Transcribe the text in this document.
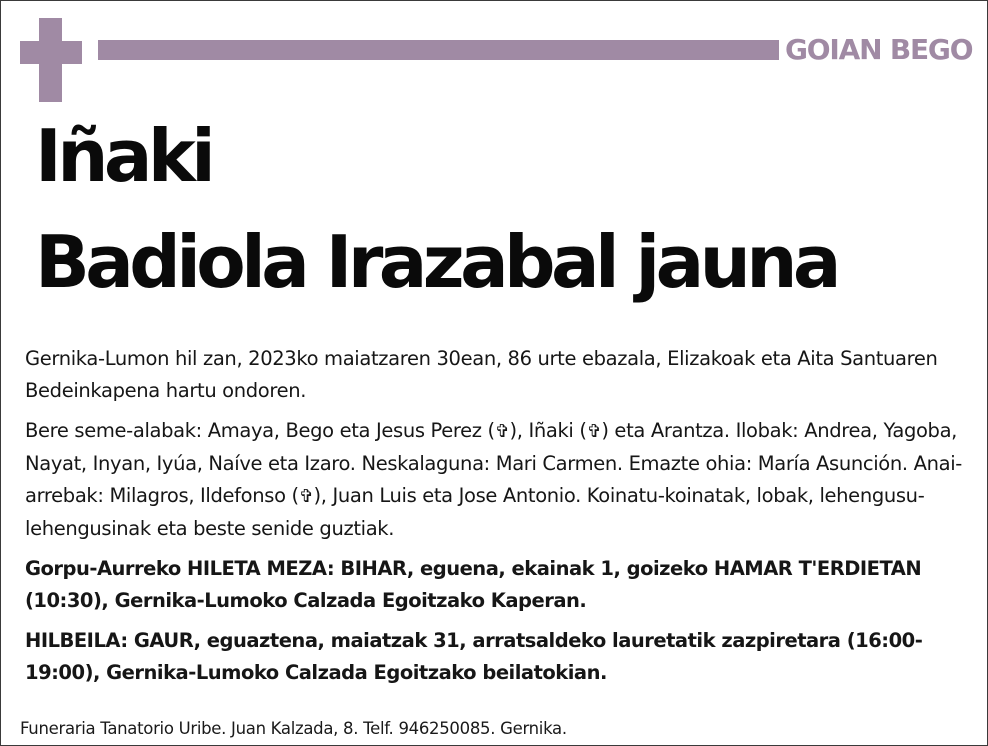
GOIAN BEGO
Iñaki
Badiola Irazabal jauna

Gernika-Lumon hil zan, 2023ko maiatzaren 30ean, 86 urte ebazala, Elizakoak eta Aita Santuaren Bedeinkapena hartu ondoren.

Bere seme-alabak: Amaya, Bego eta Jesus Perez (✞), Iñaki (✞) eta Arantza. Ilobak: Andrea, Yagoba, Nayat, Inyan, Iyúa, Naíve eta Izaro. Neskalaguna: Mari Carmen. Emazte ohia: María Asunción. Anai-arrebak: Milagros, Ildefonso (✞), Juan Luis eta Jose Antonio. Koinatu-koinatak, lobak, lehengusu-lehengusinak eta beste senide guztiak.

Gorpu-Aurreko HILETA MEZA: BIHAR, eguena, ekainak 1, goizeko HAMAR T'ERDIETAN (10:30), Gernika-Lumoko Calzada Egoitzako Kaperan.

HILBEILA: GAUR, eguaztena, maiatzak 31, arratsaldeko lauretatik zazpiretara (16:00-19:00), Gernika-Lumoko Calzada Egoitzako beilatokian.

Funeraria Tanatorio Uribe. Juan Kalzada, 8. Telf. 946250085. Gernika.
